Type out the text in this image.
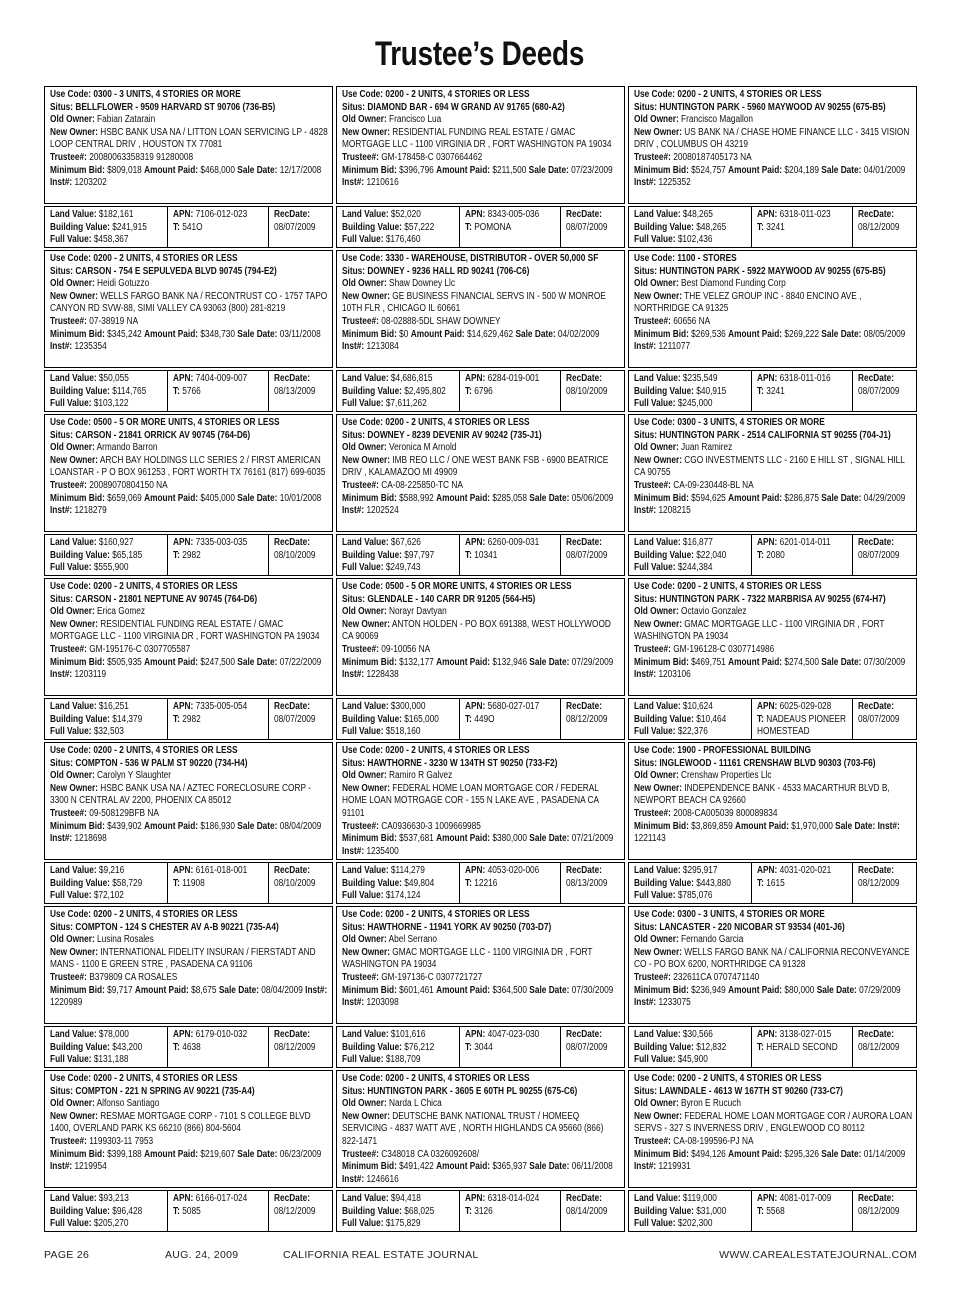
Trustee’s Deeds
Use Code: 0300 - 3 UNITS, 4 STORIES OR MORE
Situs: BELLFLOWER - 9509 HARVARD ST 90706 (736-B5)
Old Owner: Fabian Zatarain
New Owner: HSBC BANK USA NA / LITTON LOAN SERVICING LP - 4828 LOOP CENTRAL DRIV , HOUSTON TX 77081
Trustee#: 20080063358319 91280008
Minimum Bid: $809,018 Amount Paid: $468,000 Sale Date: 12/17/2008 Inst#: 1203202
Land Value: $182,161
Building Value: $241,915
Full Value: $458,367
APN: 7106-012-023
T: 541O
RecDate:
08/07/2009
Use Code: 0200 - 2 UNITS, 4 STORIES OR LESS
Situs: CARSON - 754 E SEPULVEDA BLVD 90745 (794-E2)
Old Owner: Heidi Gotuzzo
New Owner: WELLS FARGO BANK NA / RECONTRUST CO - 1757 TAPO CANYON RD SVW-88, SIMI VALLEY CA 93063 (800) 281-8219
Trustee#: 07-38919 NA
Minimum Bid: $345,242 Amount Paid: $348,730 Sale Date: 03/11/2008 Inst#: 1235354
Land Value: $50,055
Building Value: $114,765
Full Value: $103,122
APN: 7404-009-007
T: 5766
RecDate:
08/13/2009
Use Code: 0500 - 5 OR MORE UNITS, 4 STORIES OR LESS
Situs: CARSON - 21841 ORRICK AV 90745 (764-D6)
Old Owner: Armando Barron
New Owner: ARCH BAY HOLDINGS LLC SERIES 2 / FIRST AMERICAN LOANSTAR - P O BOX 961253 , FORT WORTH TX 76161 (817) 699-6035
Trustee#: 20089070804150 NA
Minimum Bid: $659,069 Amount Paid: $405,000 Sale Date: 10/01/2008 Inst#: 1218279
Land Value: $160,927
Building Value: $65,185
Full Value: $555,900
APN: 7335-003-035
T: 2982
RecDate:
08/10/2009
Use Code: 0200 - 2 UNITS, 4 STORIES OR LESS
Situs: CARSON - 21801 NEPTUNE AV 90745 (764-D6)
Old Owner: Erica Gomez
New Owner: RESIDENTIAL FUNDING REAL ESTATE / GMAC MORTGAGE LLC - 1100 VIRGINIA DR , FORT WASHINGTON PA 19034
Trustee#: GM-195176-C 0307705587
Minimum Bid: $505,935 Amount Paid: $247,500 Sale Date: 07/22/2009 Inst#: 1203119
Land Value: $16,251
Building Value: $14,379
Full Value: $32,503
APN: 7335-005-054
T: 2982
RecDate:
08/07/2009
Use Code: 0200 - 2 UNITS, 4 STORIES OR LESS
Situs: COMPTON - 536 W PALM ST 90220 (734-H4)
Old Owner: Carolyn Y Slaughter
New Owner: HSBC BANK USA NA / AZTEC FORECLOSURE CORP - 3300 N CENTRAL AV 2200, PHOENIX CA 85012
Trustee#: 09-508129BFB NA
Minimum Bid: $439,902 Amount Paid: $186,930 Sale Date: 08/04/2009 Inst#: 1218698
Land Value: $9,216
Building Value: $58,729
Full Value: $72,102
APN: 6161-018-001
T: 11908
RecDate:
08/10/2009
Use Code: 0200 - 2 UNITS, 4 STORIES OR LESS
Situs: COMPTON - 124 S CHESTER AV A-B 90221 (735-A4)
Old Owner: Lusina Rosales
New Owner: INTERNATIONAL FIDELITY INSURAN / FIERSTADT AND MANS - 1100 E GREEN STRE , PASADENA CA 91106
Trustee#: B379809 CA ROSALES
Minimum Bid: $9,717 Amount Paid: $8,675 Sale Date: 08/04/2009 Inst#: 1220989
Land Value: $78,000
Building Value: $43,200
Full Value: $131,188
APN: 6179-010-032
T: 4638
RecDate:
08/12/2009
Use Code: 0200 - 2 UNITS, 4 STORIES OR LESS
Situs: COMPTON - 221 N SPRING AV 90221 (735-A4)
Old Owner: Alfonso Santiago
New Owner: RESMAE MORTGAGE CORP - 7101 S COLLEGE BLVD 1400, OVERLAND PARK KS 66210 (866) 804-5604
Trustee#: 1199303-11 7953
Minimum Bid: $399,188 Amount Paid: $219,607 Sale Date: 06/23/2009 Inst#: 1219954
Land Value: $93,213
Building Value: $96,428
Full Value: $205,270
APN: 6166-017-024
T: 5085
RecDate:
08/12/2009
Use Code: 0200 - 2 UNITS, 4 STORIES OR LESS
Situs: DIAMOND BAR - 694 W GRAND AV 91765 (680-A2)
Old Owner: Francisco Lua
New Owner: RESIDENTIAL FUNDING REAL ESTATE / GMAC MORTGAGE LLC - 1100 VIRGINIA DR , FORT WASHINGTON PA 19034
Trustee#: GM-178458-C 0307664462
Minimum Bid: $396,796 Amount Paid: $211,500 Sale Date: 07/23/2009 Inst#: 1210616
Land Value: $52,020
Building Value: $57,222
Full Value: $176,460
APN: 8343-005-036
T: POMONA
RecDate:
08/07/2009
Use Code: 3330 - WAREHOUSE, DISTRIBUTOR - OVER 50,000 SF
Situs: DOWNEY - 9236 HALL RD 90241 (706-C6)
Old Owner: Shaw Downey Llc
New Owner: GE BUSINESS FINANCIAL SERVS IN - 500 W MONROE 10TH FLR , CHICAGO IL 60661
Trustee#: 08-02888-5DL SHAW DOWNEY
Minimum Bid: $0 Amount Paid: $14,629,462 Sale Date: 04/02/2009 Inst#: 1213084
Land Value: $4,686,815
Building Value: $2,495,802
Full Value: $7,611,262
APN: 6284-019-001
T: 6796
RecDate:
08/10/2009
Use Code: 0200 - 2 UNITS, 4 STORIES OR LESS
Situs: DOWNEY - 8239 DEVENIR AV 90242 (735-J1)
Old Owner: Veronica M Arnold
New Owner: IMB REO LLC / ONE WEST BANK FSB - 6900 BEATRICE DRIV , KALAMAZOO MI 49909
Trustee#: CA-08-225850-TC NA
Minimum Bid: $588,992 Amount Paid: $285,058 Sale Date: 05/06/2009 Inst#: 1202524
Land Value: $67,626
Building Value: $97,797
Full Value: $249,743
APN: 6260-009-031
T: 10341
RecDate:
08/07/2009
Use Code: 0500 - 5 OR MORE UNITS, 4 STORIES OR LESS
Situs: GLENDALE - 140 CARR DR 91205 (564-H5)
Old Owner: Norayr Davtyan
New Owner: ANTON HOLDEN - PO BOX 691388, WEST HOLLYWOOD CA 90069
Trustee#: 09-10056 NA
Minimum Bid: $132,177 Amount Paid: $132,946 Sale Date: 07/29/2009 Inst#: 1228438
Land Value: $300,000
Building Value: $165,000
Full Value: $518,160
APN: 5680-027-017
T: 449O
RecDate:
08/12/2009
Use Code: 0200 - 2 UNITS, 4 STORIES OR LESS
Situs: HAWTHORNE - 3230 W 134TH ST 90250 (733-F2)
Old Owner: Ramiro R Galvez
New Owner: FEDERAL HOME LOAN MORTGAGE COR / FEDERAL HOME LOAN MOTRGAGE COR - 155 N LAKE AVE , PASADENA CA 91101
Trustee#: CA0936630-3 1009669985
Minimum Bid: $537,681 Amount Paid: $380,000 Sale Date: 07/21/2009 Inst#: 1235400
Land Value: $114,279
Building Value: $49,804
Full Value: $174,124
APN: 4053-020-006
T: 12216
RecDate:
08/13/2009
Use Code: 0200 - 2 UNITS, 4 STORIES OR LESS
Situs: HAWTHORNE - 11941 YORK AV 90250 (703-D7)
Old Owner: Abel Serrano
New Owner: GMAC MORTGAGE LLC - 1100 VIRGINIA DR , FORT WASHINGTON PA 19034
Trustee#: GM-197136-C 0307721727
Minimum Bid: $601,461 Amount Paid: $364,500 Sale Date: 07/30/2009 Inst#: 1203098
Land Value: $101,616
Building Value: $76,212
Full Value: $188,709
APN: 4047-023-030
T: 3044
RecDate:
08/07/2009
Use Code: 0200 - 2 UNITS, 4 STORIES OR LESS
Situs: HUNTINGTON PARK - 3605 E 60TH PL 90255 (675-C6)
Old Owner: Narda L Chica
New Owner: DEUTSCHE BANK NATIONAL TRUST / HOMEEQ SERVICING - 4837 WATT AVE , NORTH HIGHLANDS CA 95660 (866) 822-1471
Trustee#: C348018 CA 0326092608/
Minimum Bid: $491,422 Amount Paid: $365,937 Sale Date: 06/11/2008 Inst#: 1246616
Land Value: $94,418
Building Value: $68,025
Full Value: $175,829
APN: 6318-014-024
T: 3126
RecDate:
08/14/2009
Use Code: 0200 - 2 UNITS, 4 STORIES OR LESS
Situs: HUNTINGTON PARK - 5960 MAYWOOD AV 90255 (675-B5)
Old Owner: Francisco Magallon
New Owner: US BANK NA / CHASE HOME FINANCE LLC - 3415 VISION DRIV , COLUMBUS OH 43219
Trustee#: 20080187405173 NA
Minimum Bid: $524,757 Amount Paid: $204,189 Sale Date: 04/01/2009 Inst#: 1225352
Land Value: $48,265
Building Value: $48,265
Full Value: $102,436
APN: 6318-011-023
T: 3241
RecDate:
08/12/2009
Use Code: 1100 - STORES
Situs: HUNTINGTON PARK - 5922 MAYWOOD AV 90255 (675-B5)
Old Owner: Best Diamond Funding Corp
New Owner: THE VELEZ GROUP INC - 8840 ENCINO AVE , NORTHRIDGE CA 91325
Trustee#: 60656 NA
Minimum Bid: $269,536 Amount Paid: $269,222 Sale Date: 08/05/2009 Inst#: 1211077
Land Value: $235,549
Building Value: $40,915
Full Value: $245,000
APN: 6318-011-016
T: 3241
RecDate:
08/07/2009
Use Code: 0300 - 3 UNITS, 4 STORIES OR MORE
Situs: HUNTINGTON PARK - 2514 CALIFORNIA ST 90255 (704-J1)
Old Owner: Juan Ramirez
New Owner: CGO INVESTMENTS LLC - 2160 E HILL ST , SIGNAL HILL CA 90755
Trustee#: CA-09-230448-BL NA
Minimum Bid: $594,625 Amount Paid: $286,875 Sale Date: 04/29/2009 Inst#: 1208215
Land Value: $16,877
Building Value: $22,040
Full Value: $244,384
APN: 6201-014-011
T: 2080
RecDate:
08/07/2009
Use Code: 0200 - 2 UNITS, 4 STORIES OR LESS
Situs: HUNTINGTON PARK - 7322 MARBRISA AV 90255 (674-H7)
Old Owner: Octavio Gonzalez
New Owner: GMAC MORTGAGE LLC - 1100 VIRGINIA DR , FORT WASHINGTON PA 19034
Trustee#: GM-196128-C 0307714986
Minimum Bid: $469,751 Amount Paid: $274,500 Sale Date: 07/30/2009 Inst#: 1203106
Land Value: $10,624
Building Value: $10,464
Full Value: $22,376
APN: 6025-029-028
T: NADEAUS PIONEER HOMESTEAD
RecDate:
08/07/2009
Use Code: 1900 - PROFESSIONAL BUILDING
Situs: INGLEWOOD - 11161 CRENSHAW BLVD 90303 (703-F6)
Old Owner: Crenshaw Properties Llc
New Owner: INDEPENDENCE BANK - 4533 MACARTHUR BLVD B, NEWPORT BEACH CA 92660
Trustee#: 2008-CA005039 800089834
Minimum Bid: $3,869,859 Amount Paid: $1,970,000 Sale Date: Inst#: 1221143
Land Value: $295,917
Building Value: $443,880
Full Value: $785,076
APN: 4031-020-021
T: 1615
RecDate:
08/12/2009
Use Code: 0300 - 3 UNITS, 4 STORIES OR MORE
Situs: LANCASTER - 220 NICOBAR ST 93534 (401-J6)
Old Owner: Fernando Garcia
New Owner: WELLS FARGO BANK NA / CALIFORNIA RECONVEYANCE CO - PO BOX 6200, NORTHRIDGE CA 91328
Trustee#: 232611CA 0707471140
Minimum Bid: $236,949 Amount Paid: $80,000 Sale Date: 07/29/2009 Inst#: 1233075
Land Value: $30,566
Building Value: $12,832
Full Value: $45,900
APN: 3138-027-015
T: HERALD SECOND
RecDate:
08/12/2009
Use Code: 0200 - 2 UNITS, 4 STORIES OR LESS
Situs: LAWNDALE - 4613 W 167TH ST 90260 (733-C7)
Old Owner: Byron E Rucuch
New Owner: FEDERAL HOME LOAN MORTGAGE COR / AURORA LOAN SERVS - 327 S INVERNESS DRIV , ENGLEWOOD CO 80112
Trustee#: CA-08-199596-PJ NA
Minimum Bid: $494,126 Amount Paid: $295,326 Sale Date: 01/14/2009 Inst#: 1219931
Land Value: $119,000
Building Value: $31,000
Full Value: $202,300
APN: 4081-017-009
T: 5568
RecDate:
08/12/2009
PAGE 26	AUG. 24, 2009	CALIFORNIA REAL ESTATE JOURNAL	WWW.CAREALESTATEJOURNAL.COM
